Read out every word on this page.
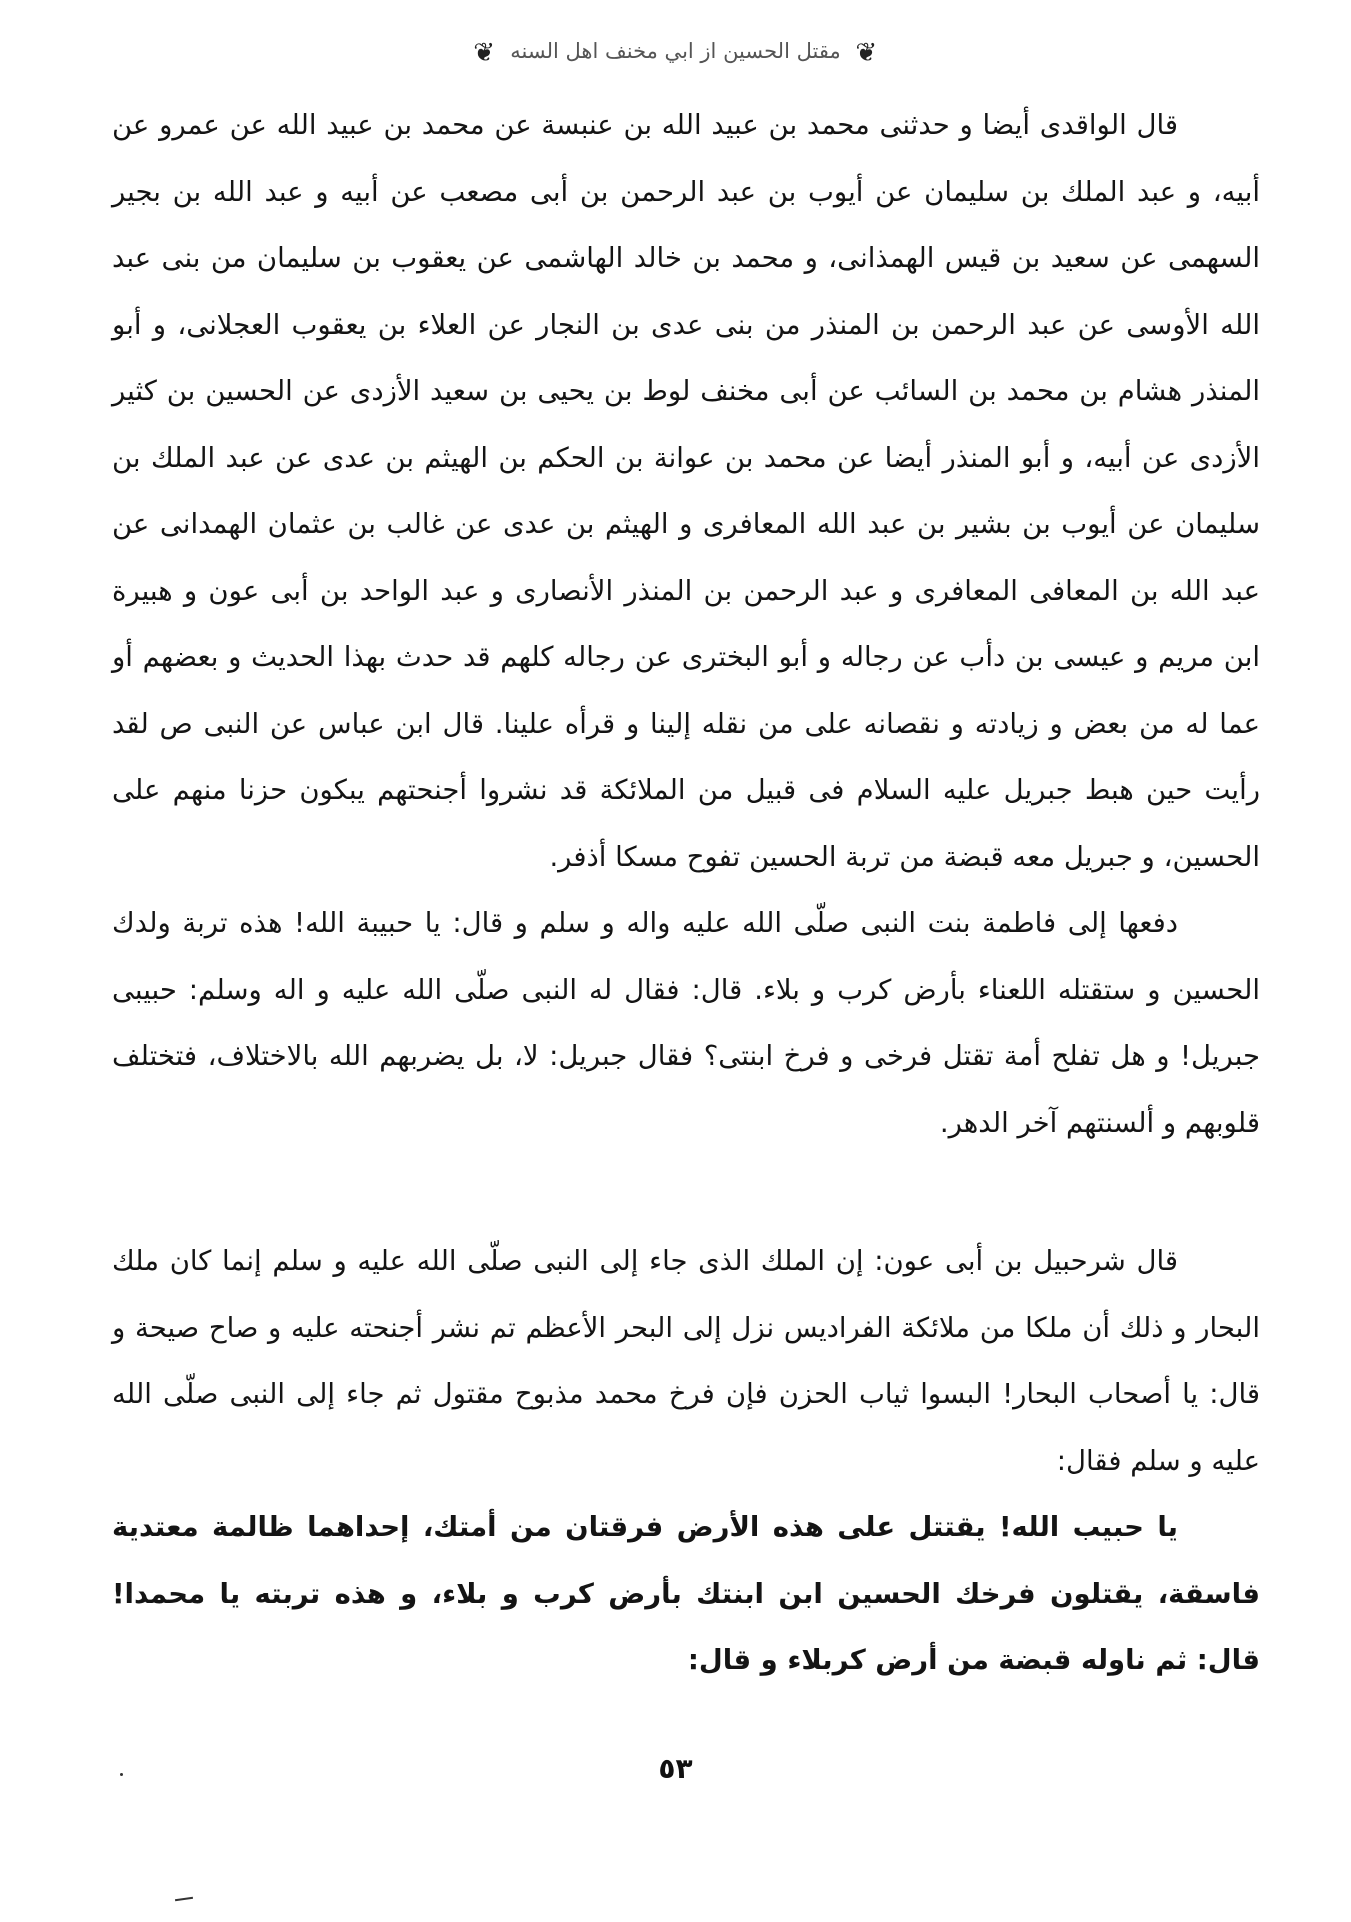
❦ مقتل الحسين از ابي مخنف اهل السنه ❦

قال الواقدى أيضا و حدثنى محمد بن عبيد الله بن عنبسة عن محمد بن عبيد الله عن عمرو عن أبيه، و عبد الملك بن سليمان عن أيوب بن عبد الرحمن بن أبى مصعب عن أبيه و عبد الله بن بجير السهمى عن سعيد بن قيس الهمذانى، و محمد بن خالد الهاشمى عن يعقوب بن سليمان من بنى عبد الله الأوسى عن عبد الرحمن بن المنذر من بنى عدى بن النجار عن العلاء بن يعقوب العجلانى، و أبو المنذر هشام بن محمد بن السائب عن أبى مخنف لوط بن يحيى بن سعيد الأزدى عن الحسين بن كثير الأزدى عن أبيه، و أبو المنذر أيضا عن محمد بن عوانة بن الحكم بن الهيثم بن عدى عن عبد الملك بن سليمان عن أيوب بن بشير بن عبد الله المعافرى و الهيثم بن عدى عن غالب بن عثمان الهمدانى عن عبد الله بن المعافى المعافرى و عبد الرحمن بن المنذر الأنصارى و عبد الواحد بن أبى عون و هبيرة ابن مريم و عيسى بن دأب عن رجاله و أبو البخترى عن رجاله كلهم قد حدث بهذا الحديث و بعضهم أو عما له من بعض و زيادته و نقصانه على من نقله إلينا و قرأه علينا. قال ابن عباس عن النبى ص لقد رأيت حين هبط جبريل عليه السلام فى قبيل من الملائكة قد نشروا أجنحتهم يبكون حزنا منهم على الحسين، و جبريل معه قبضة من تربة الحسين تفوح مسكا أذفر.

دفعها إلى فاطمة بنت النبى صلّى الله عليه واله و سلم و قال: يا حبيبة الله! هذه تربة ولدك الحسين و ستقتله اللعناء بأرض كرب و بلاء. قال: فقال له النبى صلّى الله عليه و اله وسلم: حبيبى جبريل! و هل تفلح أمة تقتل فرخى و فرخ ابنتى؟ فقال جبريل: لا، بل يضربهم الله بالاختلاف، فتختلف قلوبهم و ألسنتهم آخر الدهر.

قال شرحبيل بن أبى عون: إن الملك الذى جاء إلى النبى صلّى الله عليه و سلم إنما كان ملك البحار و ذلك أن ملكا من ملائكة الفراديس نزل إلى البحر الأعظم تم نشر أجنحته عليه و صاح صيحة و قال: يا أصحاب البحار! البسوا ثياب الحزن فإن فرخ محمد مذبوح مقتول ثم جاء إلى النبى صلّى الله عليه و سلم فقال:

يا حبيب الله! يقتتل على هذه الأرض فرقتان من أمتك، إحداهما ظالمة معتدية فاسقة، يقتلون فرخك الحسين ابن ابنتك بأرض كرب و بلاء، و هذه تربته يا محمدا! قال: ثم ناوله قبضة من أرض كربلاء و قال:

٥٣
